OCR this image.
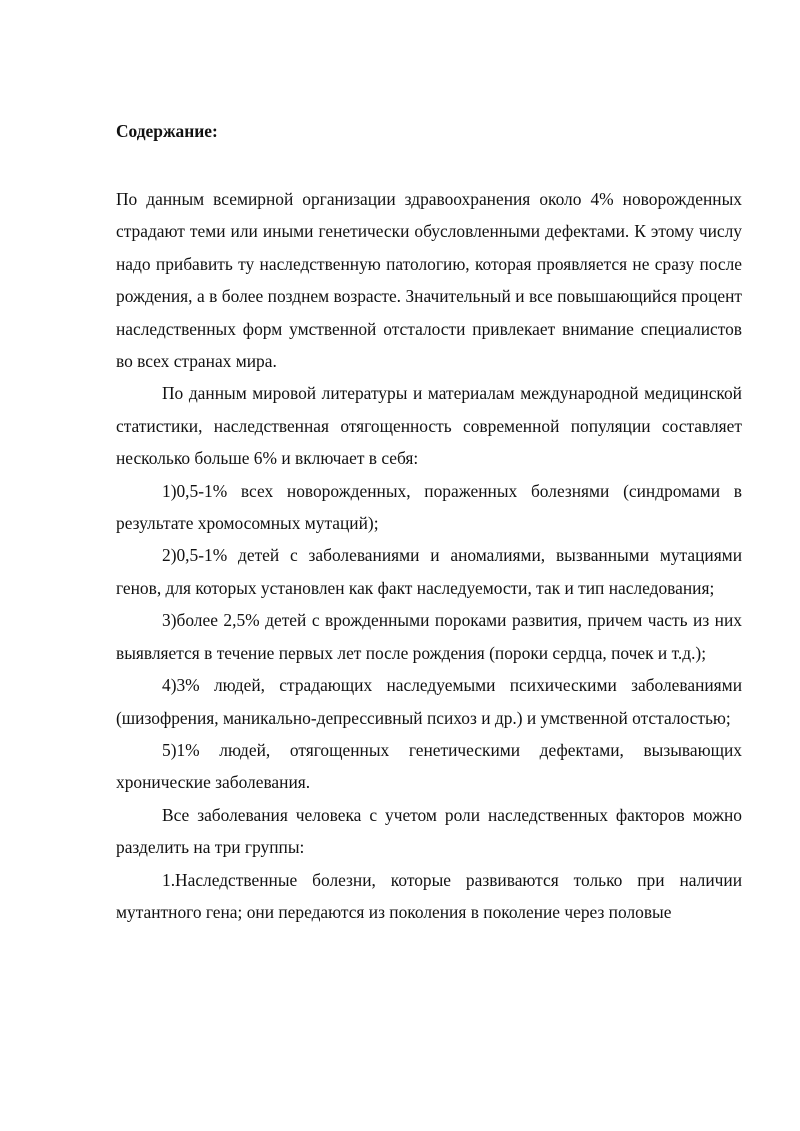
Содержание:

По данным всемирной организации здравоохранения около 4% новорожденных страдают теми или иными генетически обусловленными дефектами. К этому числу надо прибавить ту наследственную патологию, которая проявляется не сразу после рождения, а в более позднем возрасте. Значительный и все повышающийся процент наследственных форм умственной отсталости привлекает внимание специалистов во всех странах мира.

По данным мировой литературы и материалам международной медицинской статистики, наследственная отягощенность современной популяции составляет несколько больше 6% и включает в себя:

1)0,5-1% всех новорожденных, пораженных болезнями (синдромами в результате хромосомных мутаций);

2)0,5-1% детей с заболеваниями и аномалиями, вызванными мутациями генов, для которых установлен как факт наследуемости, так и тип наследования;

3)более 2,5% детей с врожденными пороками развития, причем часть из них выявляется в течение первых лет после рождения (пороки сердца, почек и т.д.);

4)3% людей, страдающих наследуемыми психическими заболеваниями (шизофрения, маникально-депрессивный психоз и др.) и умственной отсталостью;

5)1% людей, отягощенных генетическими дефектами, вызывающих хронические заболевания.

Все заболевания человека с учетом роли наследственных факторов можно разделить на три группы:

1.Наследственные болезни, которые развиваются только при наличии мутантного гена; они передаются из поколения в поколение через половые
